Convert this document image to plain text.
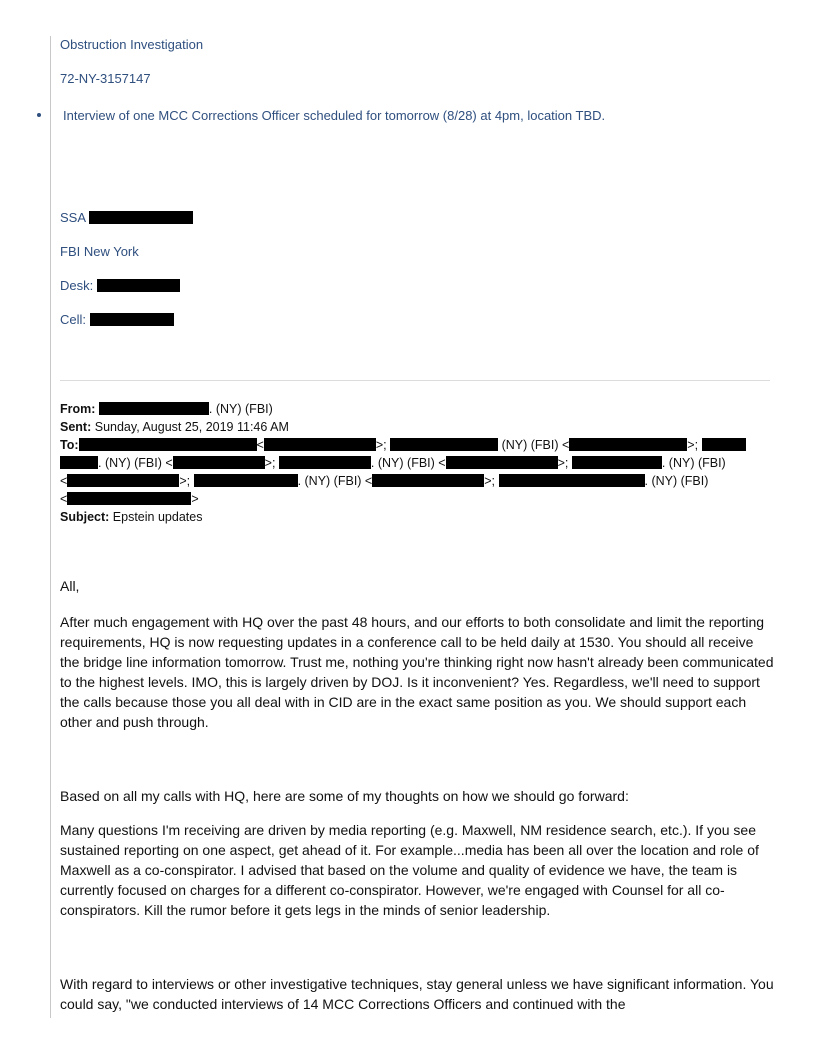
Obstruction Investigation
72-NY-3157147
Interview of one MCC Corrections Officer scheduled for tomorrow (8/28) at 4pm, location TBD.
SSA
FBI New York
Desk:
Cell:
From:	. (NY) (FBI)
Sent: Sunday, August 25, 2019 11:46 AM
To:	<	>;	(NY) (FBI) <	>;
. (NY) (FBI) <	>;	. (NY) (FBI) <	>;	. (NY) (FBI)
<	>;	. (NY) (FBI) <	>;	. (NY) (FBI)
<	>
Subject: Epstein updates

All,

After much engagement with HQ over the past 48 hours, and our efforts to both consolidate and limit the reporting requirements, HQ is now requesting updates in a conference call to be held daily at 1530. You should all receive the bridge line information tomorrow. Trust me, nothing you're thinking right now hasn't already been communicated to the highest levels. IMO, this is largely driven by DOJ. Is it inconvenient? Yes. Regardless, we'll need to support the calls because those you all deal with in CID are in the exact same position as you. We should support each other and push through.

Based on all my calls with HQ, here are some of my thoughts on how we should go forward:

Many questions I'm receiving are driven by media reporting (e.g. Maxwell, NM residence search, etc.). If you see sustained reporting on one aspect, get ahead of it. For example...media has been all over the location and role of Maxwell as a co-conspirator. I advised that based on the volume and quality of evidence we have, the team is currently focused on charges for a different co-conspirator. However, we're engaged with Counsel for all co-conspirators. Kill the rumor before it gets legs in the minds of senior leadership.

With regard to interviews or other investigative techniques, stay general unless we have significant information. You could say, "we conducted interviews of 14 MCC Corrections Officers and continued with the
